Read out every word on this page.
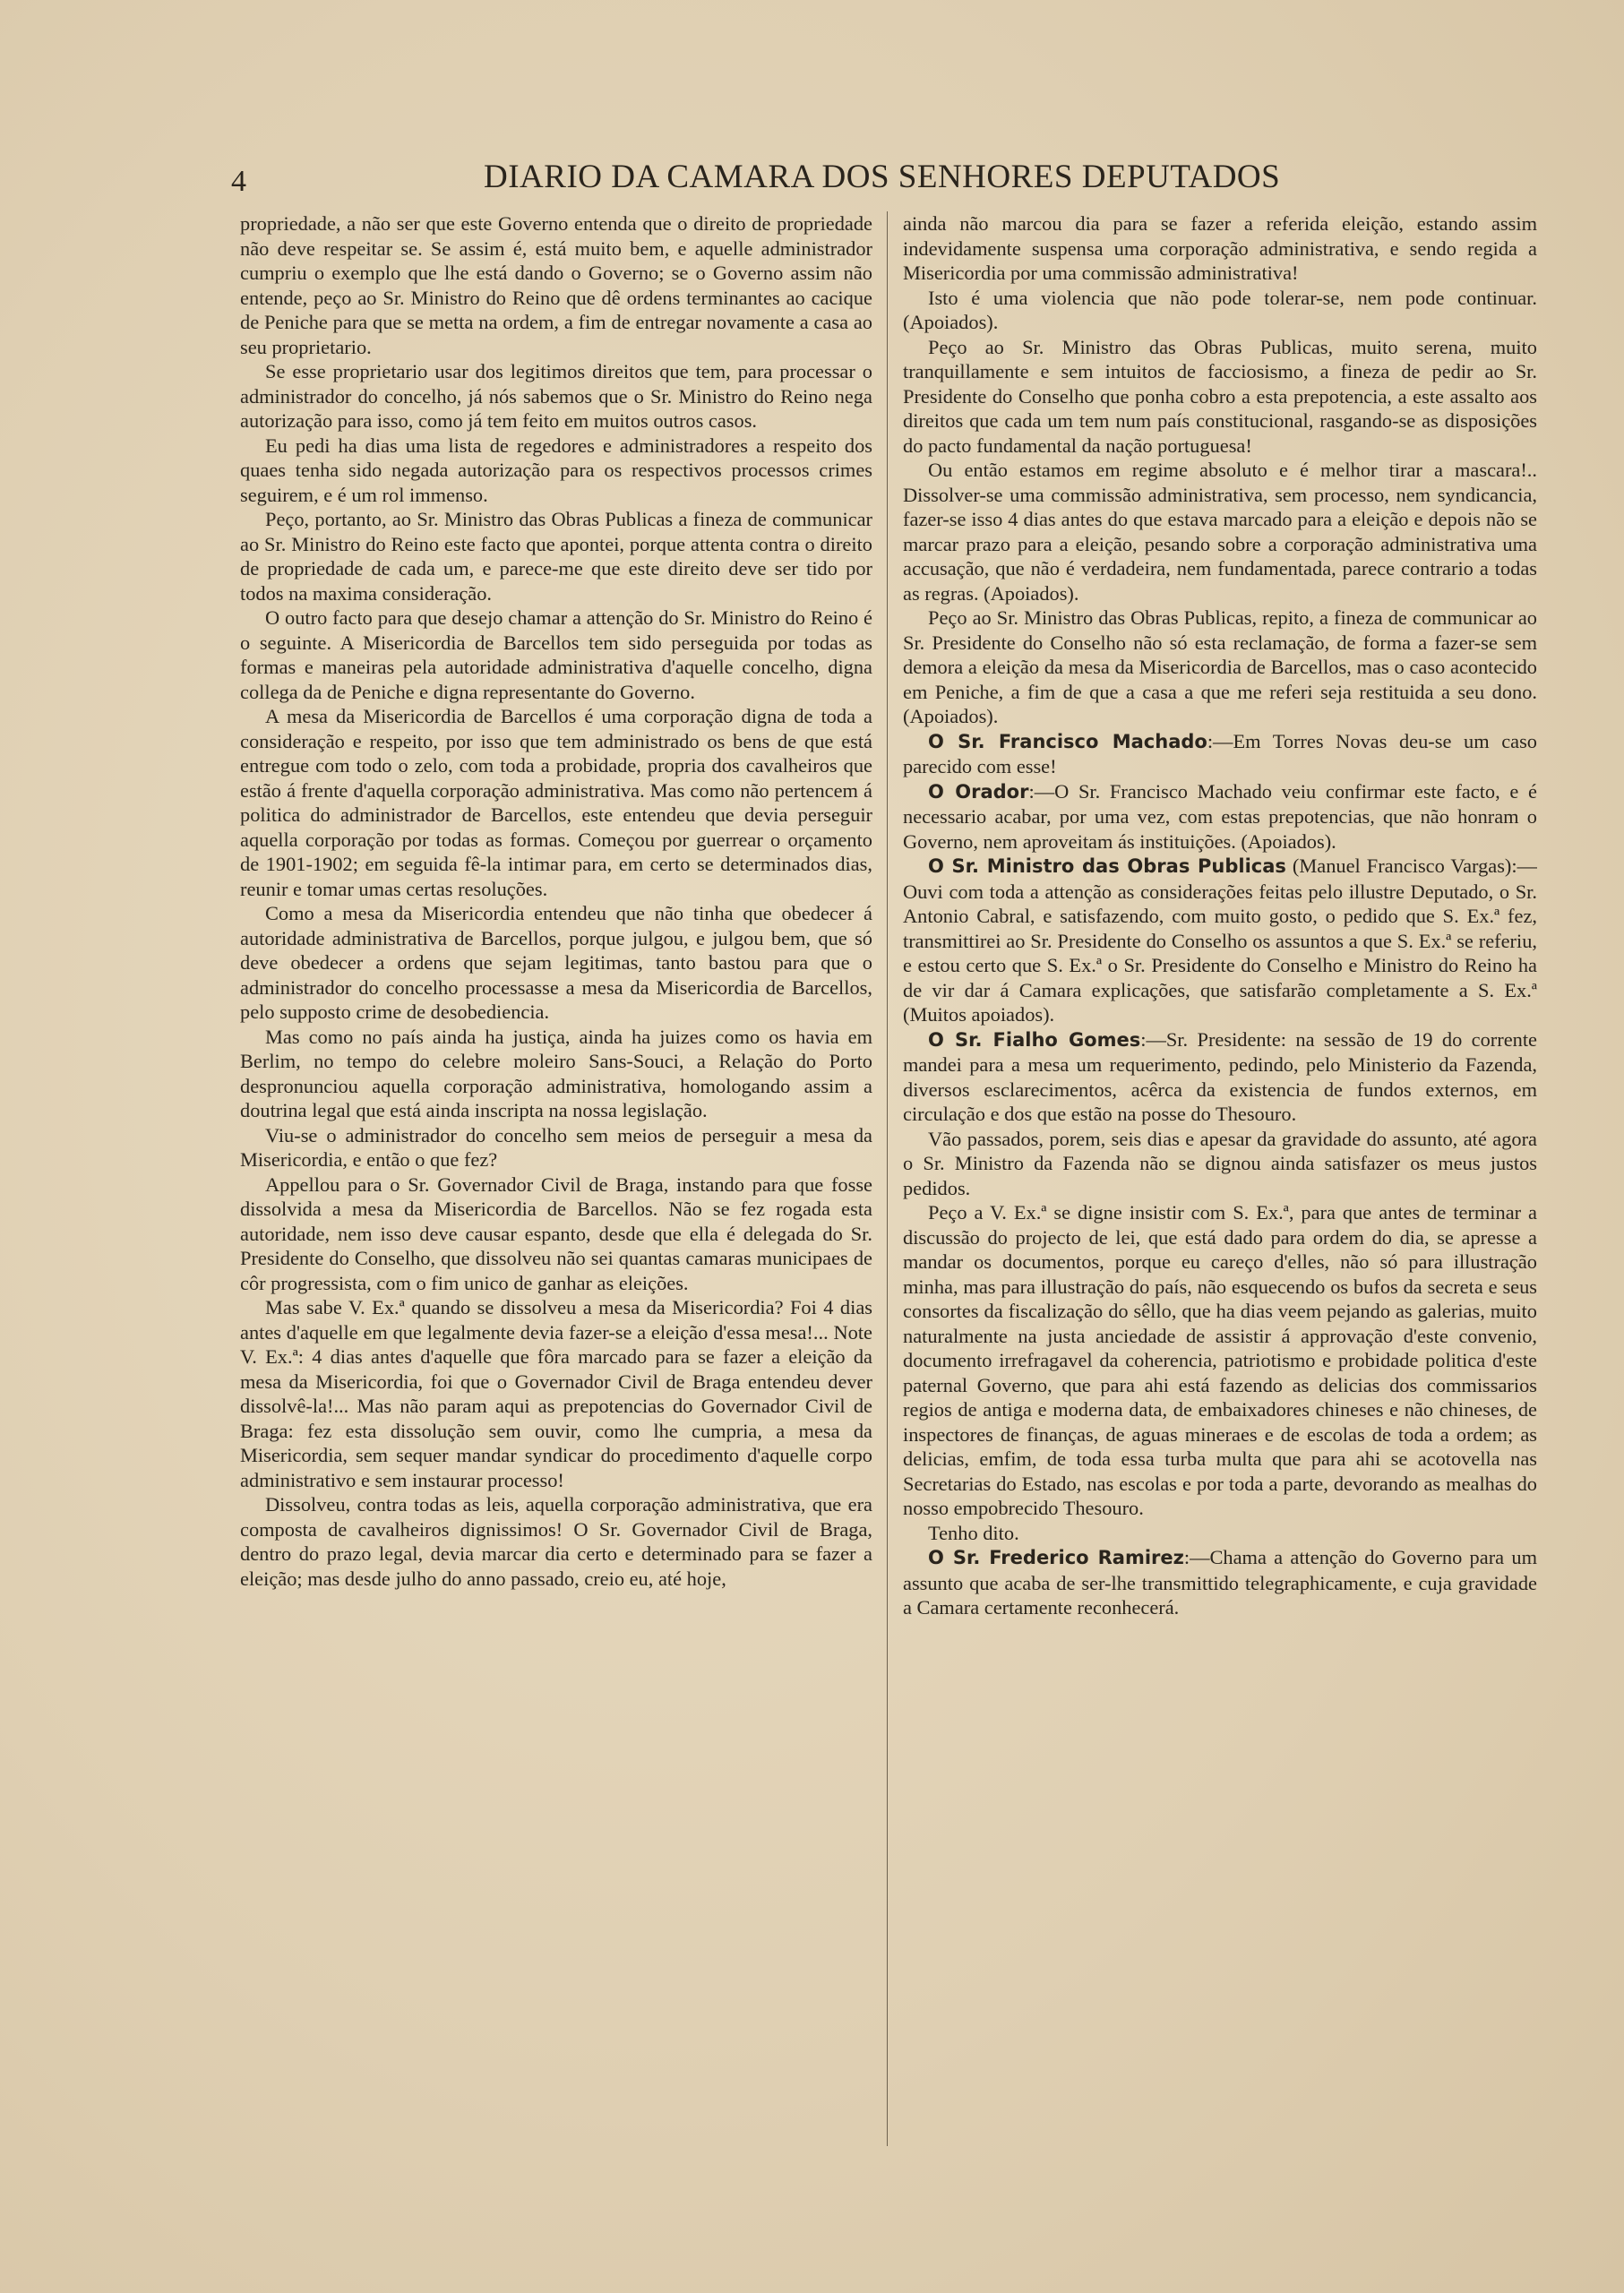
4	DIARIO DA CAMARA DOS SENHORES DEPUTADOS

propriedade, a não ser que este Governo entenda que o direito de propriedade não deve respeitar se. Se assim é, está muito bem, e aquelle administrador cumpriu o exemplo que lhe está dando o Governo; se o Governo assim não entende, peço ao Sr. Ministro do Reino que dê ordens terminantes ao cacique de Peniche para que se metta na ordem, a fim de entregar novamente a casa ao seu proprietario.

Se esse proprietario usar dos legitimos direitos que tem, para processar o administrador do concelho, já nós sabemos que o Sr. Ministro do Reino nega autorização para isso, como já tem feito em muitos outros casos.

Eu pedi ha dias uma lista de regedores e administradores a respeito dos quaes tenha sido negada autorização para os respectivos processos crimes seguirem, e é um rol immenso.

Peço, portanto, ao Sr. Ministro das Obras Publicas a fineza de communicar ao Sr. Ministro do Reino este facto que apontei, porque attenta contra o direito de propriedade de cada um, e parece-me que este direito deve ser tido por todos na maxima consideração.

O outro facto para que desejo chamar a attenção do Sr. Ministro do Reino é o seguinte. A Misericordia de Barcellos tem sido perseguida por todas as formas e maneiras pela autoridade administrativa d'aquelle concelho, digna collega da de Peniche e digna representante do Governo.

A mesa da Misericordia de Barcellos é uma corporação digna de toda a consideração e respeito, por isso que tem administrado os bens de que está entregue com todo o zelo, com toda a probidade, propria dos cavalheiros que estão á frente d'aquella corporação administrativa. Mas como não pertencem á politica do administrador de Barcellos, este entendeu que devia perseguir aquella corporação por todas as formas. Começou por guerrear o orçamento de 1901-1902; em seguida fê-la intimar para, em certo se determinados dias, reunir e tomar umas certas resoluções.

Como a mesa da Misericordia entendeu que não tinha que obedecer á autoridade administrativa de Barcellos, porque julgou, e julgou bem, que só deve obedecer a ordens que sejam legitimas, tanto bastou para que o administrador do concelho processasse a mesa da Misericordia de Barcellos, pelo supposto crime de desobediencia.

Mas como no país ainda ha justiça, ainda ha juizes como os havia em Berlim, no tempo do celebre moleiro Sans-Souci, a Relação do Porto despronunciou aquella corporação administrativa, homologando assim a doutrina legal que está ainda inscripta na nossa legislação.

Viu-se o administrador do concelho sem meios de perseguir a mesa da Misericordia, e então o que fez?

Appellou para o Sr. Governador Civil de Braga, instando para que fosse dissolvida a mesa da Misericordia de Barcellos. Não se fez rogada esta autoridade, nem isso deve causar espanto, desde que ella é delegada do Sr. Presidente do Conselho, que dissolveu não sei quantas camaras municipaes de côr progressista, com o fim unico de ganhar as eleições.

Mas sabe V. Ex.ª quando se dissolveu a mesa da Misericordia? Foi 4 dias antes d'aquelle em que legalmente devia fazer-se a eleição d'essa mesa!... Note V. Ex.ª: 4 dias antes d'aquelle que fôra marcado para se fazer a eleição da mesa da Misericordia, foi que o Governador Civil de Braga entendeu dever dissolvê-la!... Mas não param aqui as prepotencias do Governador Civil de Braga: fez esta dissolução sem ouvir, como lhe cumpria, a mesa da Misericordia, sem sequer mandar syndicar do procedimento d'aquelle corpo administrativo e sem instaurar processo!

Dissolveu, contra todas as leis, aquella corporação administrativa, que era composta de cavalheiros dignissimos! O Sr. Governador Civil de Braga, dentro do prazo legal, devia marcar dia certo e determinado para se fazer a eleição; mas desde julho do anno passado, creio eu, até hoje,

ainda não marcou dia para se fazer a referida eleição, estando assim indevidamente suspensa uma corporação administrativa, e sendo regida a Misericordia por uma commissão administrativa!

Isto é uma violencia que não pode tolerar-se, nem pode continuar. (Apoiados).

Peço ao Sr. Ministro das Obras Publicas, muito serena, muito tranquillamente e sem intuitos de facciosismo, a fineza de pedir ao Sr. Presidente do Conselho que ponha cobro a esta prepotencia, a este assalto aos direitos que cada um tem num país constitucional, rasgando-se as disposições do pacto fundamental da nação portuguesa!

Ou então estamos em regime absoluto e é melhor tirar a mascara!.. Dissolver-se uma commissão administrativa, sem processo, nem syndicancia, fazer-se isso 4 dias antes do que estava marcado para a eleição e depois não se marcar prazo para a eleição, pesando sobre a corporação administrativa uma accusação, que não é verdadeira, nem fundamentada, parece contrario a todas as regras. (Apoiados).

Peço ao Sr. Ministro das Obras Publicas, repito, a fineza de communicar ao Sr. Presidente do Conselho não só esta reclamação, de forma a fazer-se sem demora a eleição da mesa da Misericordia de Barcellos, mas o caso acontecido em Peniche, a fim de que a casa a que me referi seja restituida a seu dono. (Apoiados).

O Sr. Francisco Machado:—Em Torres Novas deu-se um caso parecido com esse!

O Orador:—O Sr. Francisco Machado veiu confirmar este facto, e é necessario acabar, por uma vez, com estas prepotencias, que não honram o Governo, nem aproveitam ás instituições. (Apoiados).

O Sr. Ministro das Obras Publicas (Manuel Francisco Vargas):—Ouvi com toda a attenção as considerações feitas pelo illustre Deputado, o Sr. Antonio Cabral, e satisfazendo, com muito gosto, o pedido que S. Ex.ª fez, transmittirei ao Sr. Presidente do Conselho os assuntos a que S. Ex.ª se referiu, e estou certo que S. Ex.ª o Sr. Presidente do Conselho e Ministro do Reino ha de vir dar á Camara explicações, que satisfarão completamente a S. Ex.ª (Muitos apoiados).

O Sr. Fialho Gomes:—Sr. Presidente: na sessão de 19 do corrente mandei para a mesa um requerimento, pedindo, pelo Ministerio da Fazenda, diversos esclarecimentos, acêrca da existencia de fundos externos, em circulação e dos que estão na posse do Thesouro.

Vão passados, porem, seis dias e apesar da gravidade do assunto, até agora o Sr. Ministro da Fazenda não se dignou ainda satisfazer os meus justos pedidos.

Peço a V. Ex.ª se digne insistir com S. Ex.ª, para que antes de terminar a discussão do projecto de lei, que está dado para ordem do dia, se apresse a mandar os documentos, porque eu careço d'elles, não só para illustração minha, mas para illustração do país, não esquecendo os bufos da secreta e seus consortes da fiscalização do sêllo, que ha dias veem pejando as galerias, muito naturalmente na justa anciedade de assistir á approvação d'este convenio, documento irrefragavel da coherencia, patriotismo e probidade politica d'este paternal Governo, que para ahi está fazendo as delicias dos commissarios regios de antiga e moderna data, de embaixadores chineses e não chineses, de inspectores de finanças, de aguas mineraes e de escolas de toda a ordem; as delicias, emfim, de toda essa turba multa que para ahi se acotovella nas Secretarias do Estado, nas escolas e por toda a parte, devorando as mealhas do nosso empobrecido Thesouro.

Tenho dito.

O Sr. Frederico Ramirez:—Chama a attenção do Governo para um assunto que acaba de ser-lhe transmittido telegraphicamente, e cuja gravidade a Camara certamente reconhecerá.
